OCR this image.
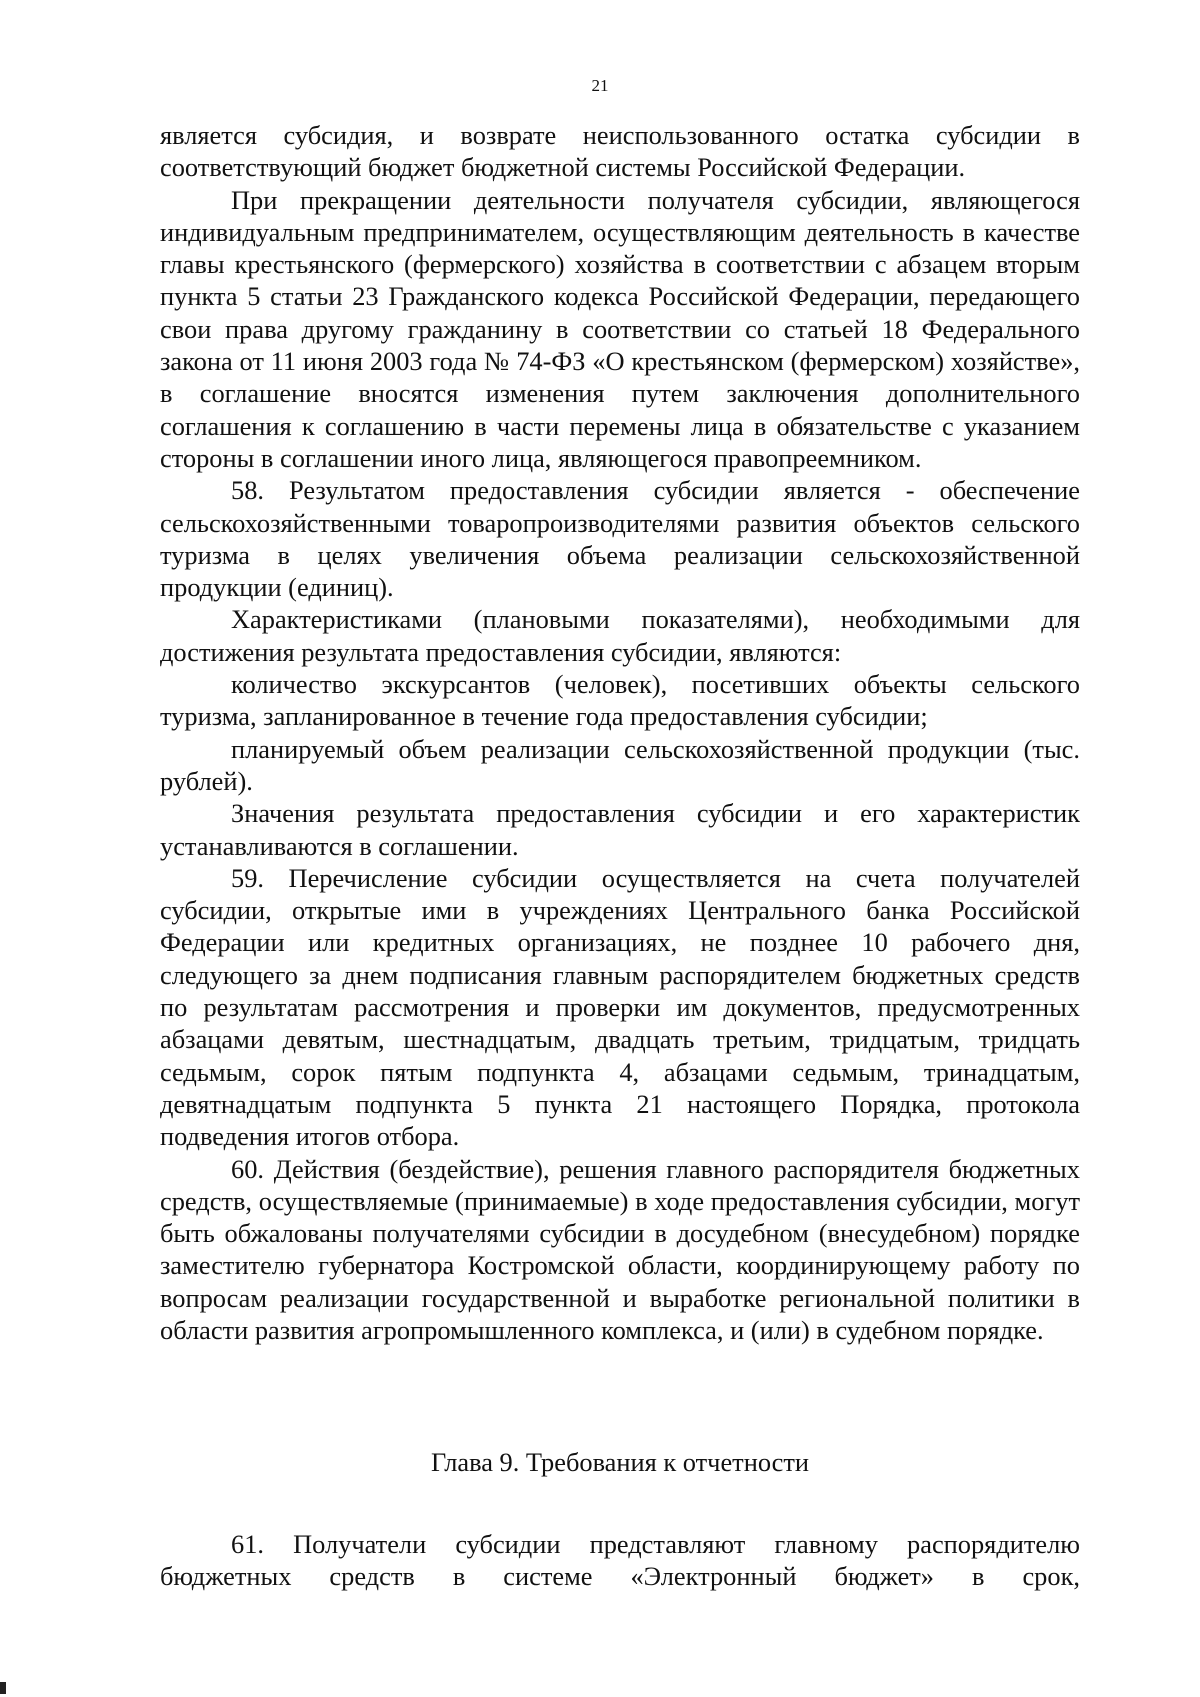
21

является субсидия, и возврате неиспользованного остатка субсидии в соответствующий бюджет бюджетной системы Российской Федерации.

При прекращении деятельности получателя субсидии, являющегося индивидуальным предпринимателем, осуществляющим деятельность в качестве главы крестьянского (фермерского) хозяйства в соответствии с абзацем вторым пункта 5 статьи 23 Гражданского кодекса Российской Федерации, передающего свои права другому гражданину в соответствии со статьей 18 Федерального закона от 11 июня 2003 года № 74-ФЗ «О крестьянском (фермерском) хозяйстве», в соглашение вносятся изменения путем заключения дополнительного соглашения к соглашению в части перемены лица в обязательстве с указанием стороны в соглашении иного лица, являющегося правопреемником.

58. Результатом предоставления субсидии является - обеспечение сельскохозяйственными товаропроизводителями развития объектов сельского туризма в целях увеличения объема реализации сельскохозяйственной продукции (единиц).

Характеристиками (плановыми показателями), необходимыми для достижения результата предоставления субсидии, являются:

количество экскурсантов (человек), посетивших объекты сельского туризма, запланированное в течение года предоставления субсидии;

планируемый объем реализации сельскохозяйственной продукции (тыс. рублей).

Значения результата предоставления субсидии и его характеристик устанавливаются в соглашении.

59. Перечисление субсидии осуществляется на счета получателей субсидии, открытые ими в учреждениях Центрального банка Российской Федерации или кредитных организациях, не позднее 10 рабочего дня, следующего за днем подписания главным распорядителем бюджетных средств по результатам рассмотрения и проверки им документов, предусмотренных абзацами девятым, шестнадцатым, двадцать третьим, тридцатым, тридцать седьмым, сорок пятым подпункта 4, абзацами седьмым, тринадцатым, девятнадцатым подпункта 5 пункта 21 настоящего Порядка, протокола подведения итогов отбора.

60. Действия (бездействие), решения главного распорядителя бюджетных средств, осуществляемые (принимаемые) в ходе предоставления субсидии, могут быть обжалованы получателями субсидии в досудебном (внесудебном) порядке заместителю губернатора Костромской области, координирующему работу по вопросам реализации государственной и выработке региональной политики в области развития агропромышленного комплекса, и (или) в судебном порядке.

Глава 9. Требования к отчетности

61. Получатели субсидии представляют главному распорядителю бюджетных средств в системе «Электронный бюджет» в срок,
